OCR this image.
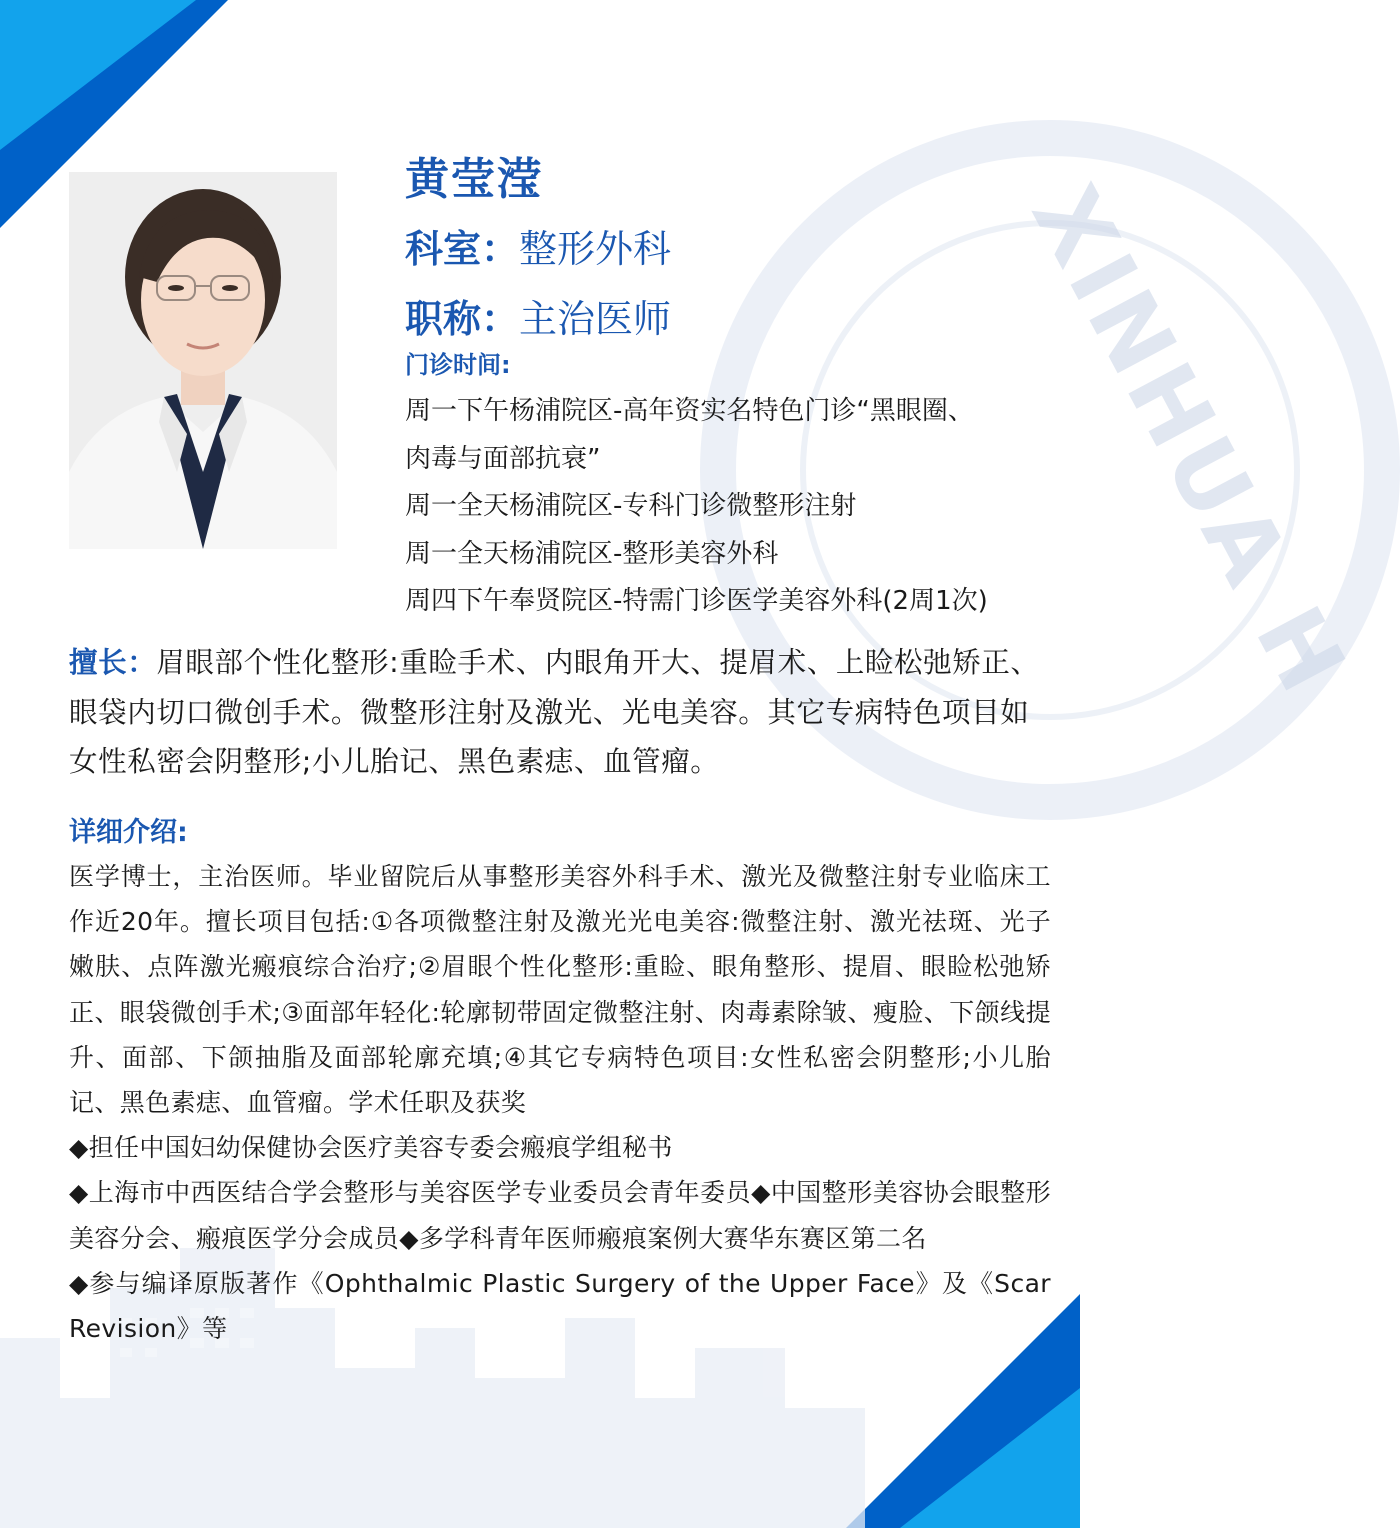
XINHUA H
黄莹滢
科室：整形外科
职称：主治医师
门诊时间:
周一下午杨浦院区-高年资实名特色门诊“黑眼圈、
肉毒与面部抗衰”
周一全天杨浦院区-专科门诊微整形注射
周一全天杨浦院区-整形美容外科
周四下午奉贤院区-特需门诊医学美容外科(2周1次)
擅长：眉眼部个性化整形:重睑手术、内眼角开大、提眉术、上睑松弛矫正、眼袋内切口微创手术。微整形注射及激光、光电美容。其它专病特色项目如女性私密会阴整形;小儿胎记、黑色素痣、血管瘤。
详细介绍:

医学博士，主治医师。毕业留院后从事整形美容外科手术、激光及微整注射专业临床工作近20年。擅长项目包括:①各项微整注射及激光光电美容:微整注射、激光祛斑、光子嫩肤、点阵激光瘢痕综合治疗;②眉眼个性化整形:重睑、眼角整形、提眉、眼睑松弛矫正、眼袋微创手术;③面部年轻化:轮廓韧带固定微整注射、肉毒素除皱、瘦脸、下颌线提升、面部、下颌抽脂及面部轮廓充填;④其它专病特色项目:女性私密会阴整形;小儿胎记、黑色素痣、血管瘤。学术任职及获奖

◆担任中国妇幼保健协会医疗美容专委会瘢痕学组秘书

◆上海市中西医结合学会整形与美容医学专业委员会青年委员◆中国整形美容协会眼整形美容分会、瘢痕医学分会成员◆多学科青年医师瘢痕案例大赛华东赛区第二名

◆参与编译原版著作《Ophthalmic Plastic Surgery of the Upper Face》及《Scar Revision》等
